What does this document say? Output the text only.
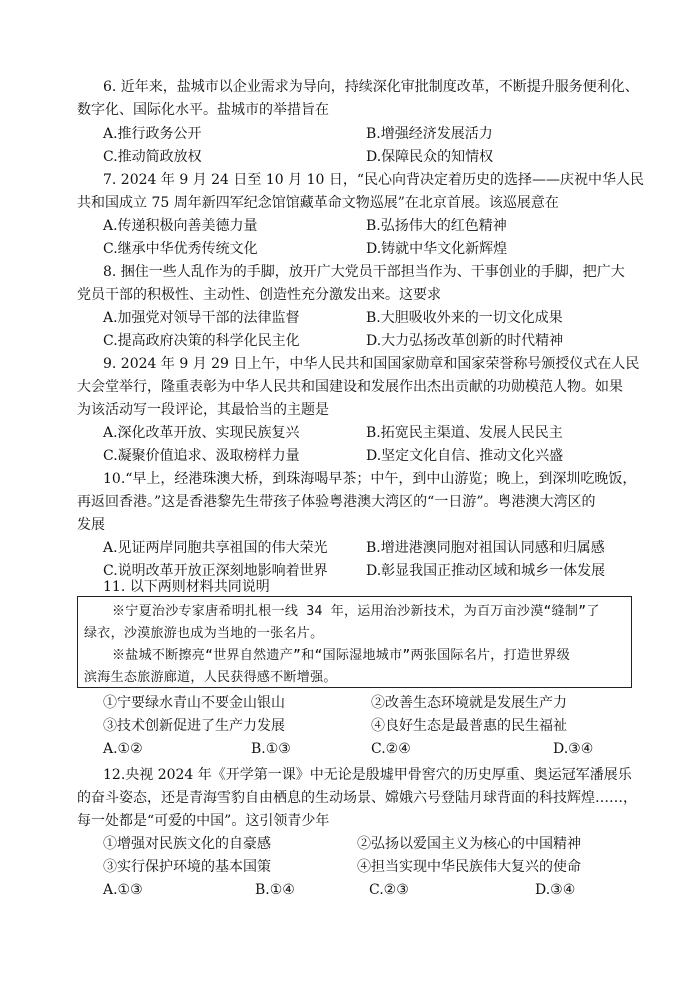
6. 近年来，盐城市以企业需求为导向，持续深化审批制度改革，不断提升服务便利化、
数字化、国际化水平。盐城市的举措旨在
A.推行政务公开	B.增强经济发展活力
C.推动简政放权	D.保障民众的知情权
7. 2024 年 9 月 24 日至 10 月 10 日，“民心向背决定着历史的选择——庆祝中华人民
共和国成立 75 周年新四军纪念馆馆藏革命文物巡展”在北京首展。该巡展意在
A.传递积极向善美德力量	B.弘扬伟大的红色精神
C.继承中华优秀传统文化	D.铸就中华文化新辉煌
8. 捆住一些人乱作为的手脚，放开广大党员干部担当作为、干事创业的手脚，把广大
党员干部的积极性、主动性、创造性充分激发出来。这要求
A.加强党对领导干部的法律监督	B.大胆吸收外来的一切文化成果
C.提高政府决策的科学化民主化	D.大力弘扬改革创新的时代精神
9. 2024 年 9 月 29 日上午，中华人民共和国国家勋章和国家荣誉称号颁授仪式在人民
大会堂举行，隆重表彰为中华人民共和国建设和发展作出杰出贡献的功勋模范人物。如果
为该活动写一段评论，其最恰当的主题是
A.深化改革开放、实现民族复兴	B.拓宽民主渠道、发展人民民主
C.凝聚价值追求、汲取榜样力量	D.坚定文化自信、推动文化兴盛
10.“早上，经港珠澳大桥，到珠海喝早茶；中午，到中山游览；晚上，到深圳吃晚饭，
再返回香港。”这是香港黎先生带孩子体验粤港澳大湾区的“一日游”。粤港澳大湾区的
发展
A.见证两岸同胞共享祖国的伟大荣光	B.增进港澳同胞对祖国认同感和归属感
C.说明改革开放正深刻地影响着世界	D.彰显我国正推动区域和城乡一体发展
11. 以下两则材料共同说明
※宁夏治沙专家唐希明扎根一线 34 年，运用治沙新技术，为百万亩沙漠“缝制”了
绿衣，沙漠旅游也成为当地的一张名片。
※盐城不断擦亮“世界自然遗产”和“国际湿地城市”两张国际名片，打造世界级
滨海生态旅游廊道，人民获得感不断增强。
①宁要绿水青山不要金山银山	②改善生态环境就是发展生产力
③技术创新促进了生产力发展	④良好生态是最普惠的民生福祉
A.①②	B.①③	C.②④	D.③④
12.央视 2024 年《开学第一课》中无论是殷墟甲骨窖穴的历史厚重、奥运冠军潘展乐
的奋斗姿态，还是青海雪豹自由栖息的生动场景、嫦娥六号登陆月球背面的科技辉煌……，
每一处都是“可爱的中国”。这引领青少年
①增强对民族文化的自豪感	②弘扬以爱国主义为核心的中国精神
③实行保护环境的基本国策	④担当实现中华民族伟大复兴的使命
A.①③	B.①④	C.②③	D.③④
